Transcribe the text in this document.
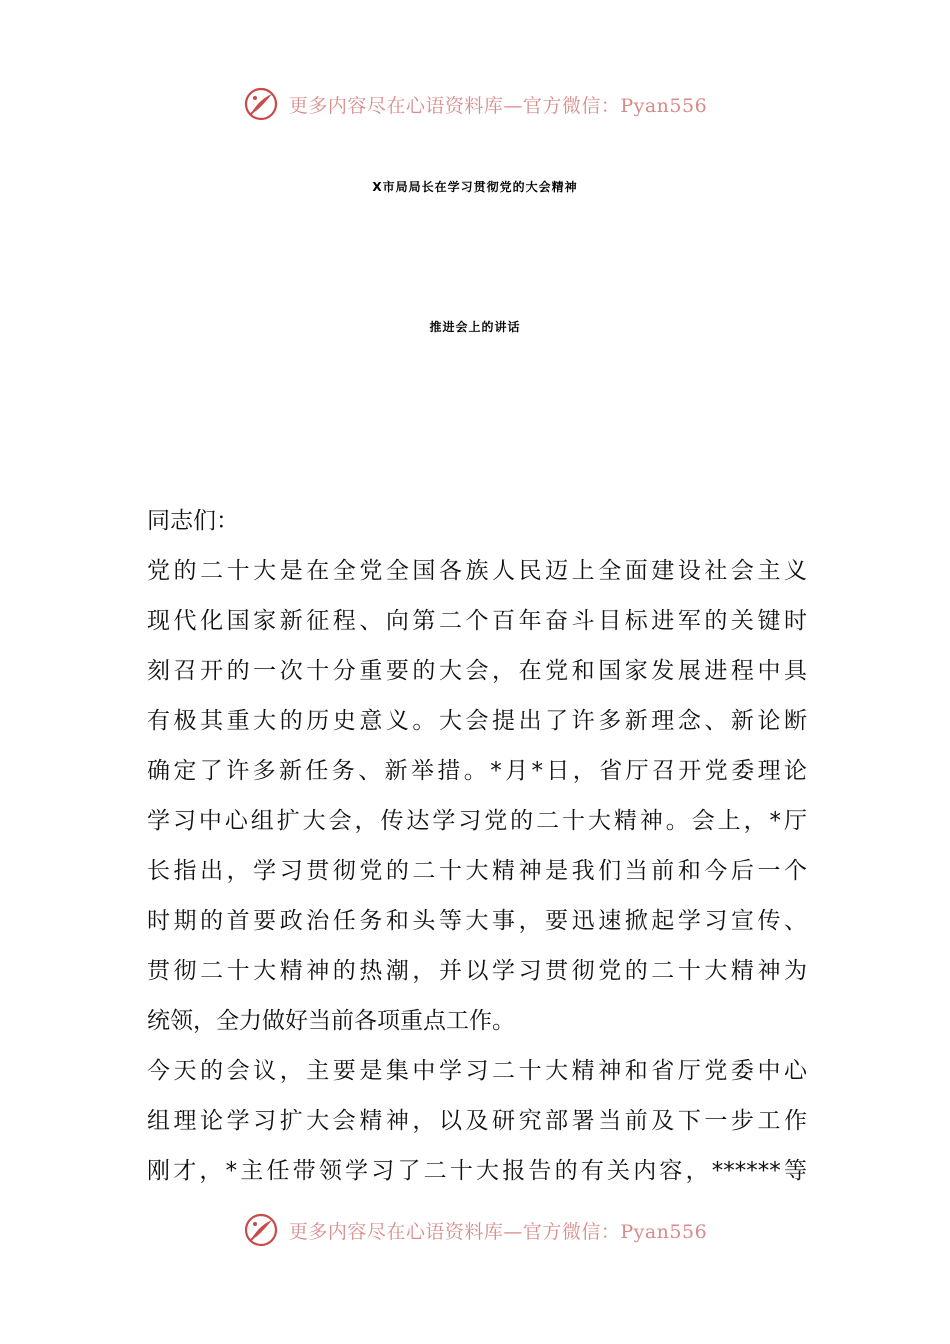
更多内容尽在心语资料库—官方微信：Pyan556
X市局局长在学习贯彻党的大会精神
推进会上的讲话
同志们：
党的二十大是在全党全国各族人民迈上全面建设社会主义
现代化国家新征程、向第二个百年奋斗目标进军的关键时
刻召开的一次十分重要的大会，在党和国家发展进程中具
有极其重大的历史意义。大会提出了许多新理念、新论断
确定了许多新任务、新举措。*月*日，省厅召开党委理论
学习中心组扩大会，传达学习党的二十大精神。会上，*厅
长指出，学习贯彻党的二十大精神是我们当前和今后一个
时期的首要政治任务和头等大事，要迅速掀起学习宣传、
贯彻二十大精神的热潮，并以学习贯彻党的二十大精神为
统领，全力做好当前各项重点工作。
今天的会议，主要是集中学习二十大精神和省厅党委中心
组理论学习扩大会精神，以及研究部署当前及下一步工作
刚才，*主任带领学习了二十大报告的有关内容，******等
更多内容尽在心语资料库—官方微信：Pyan556
